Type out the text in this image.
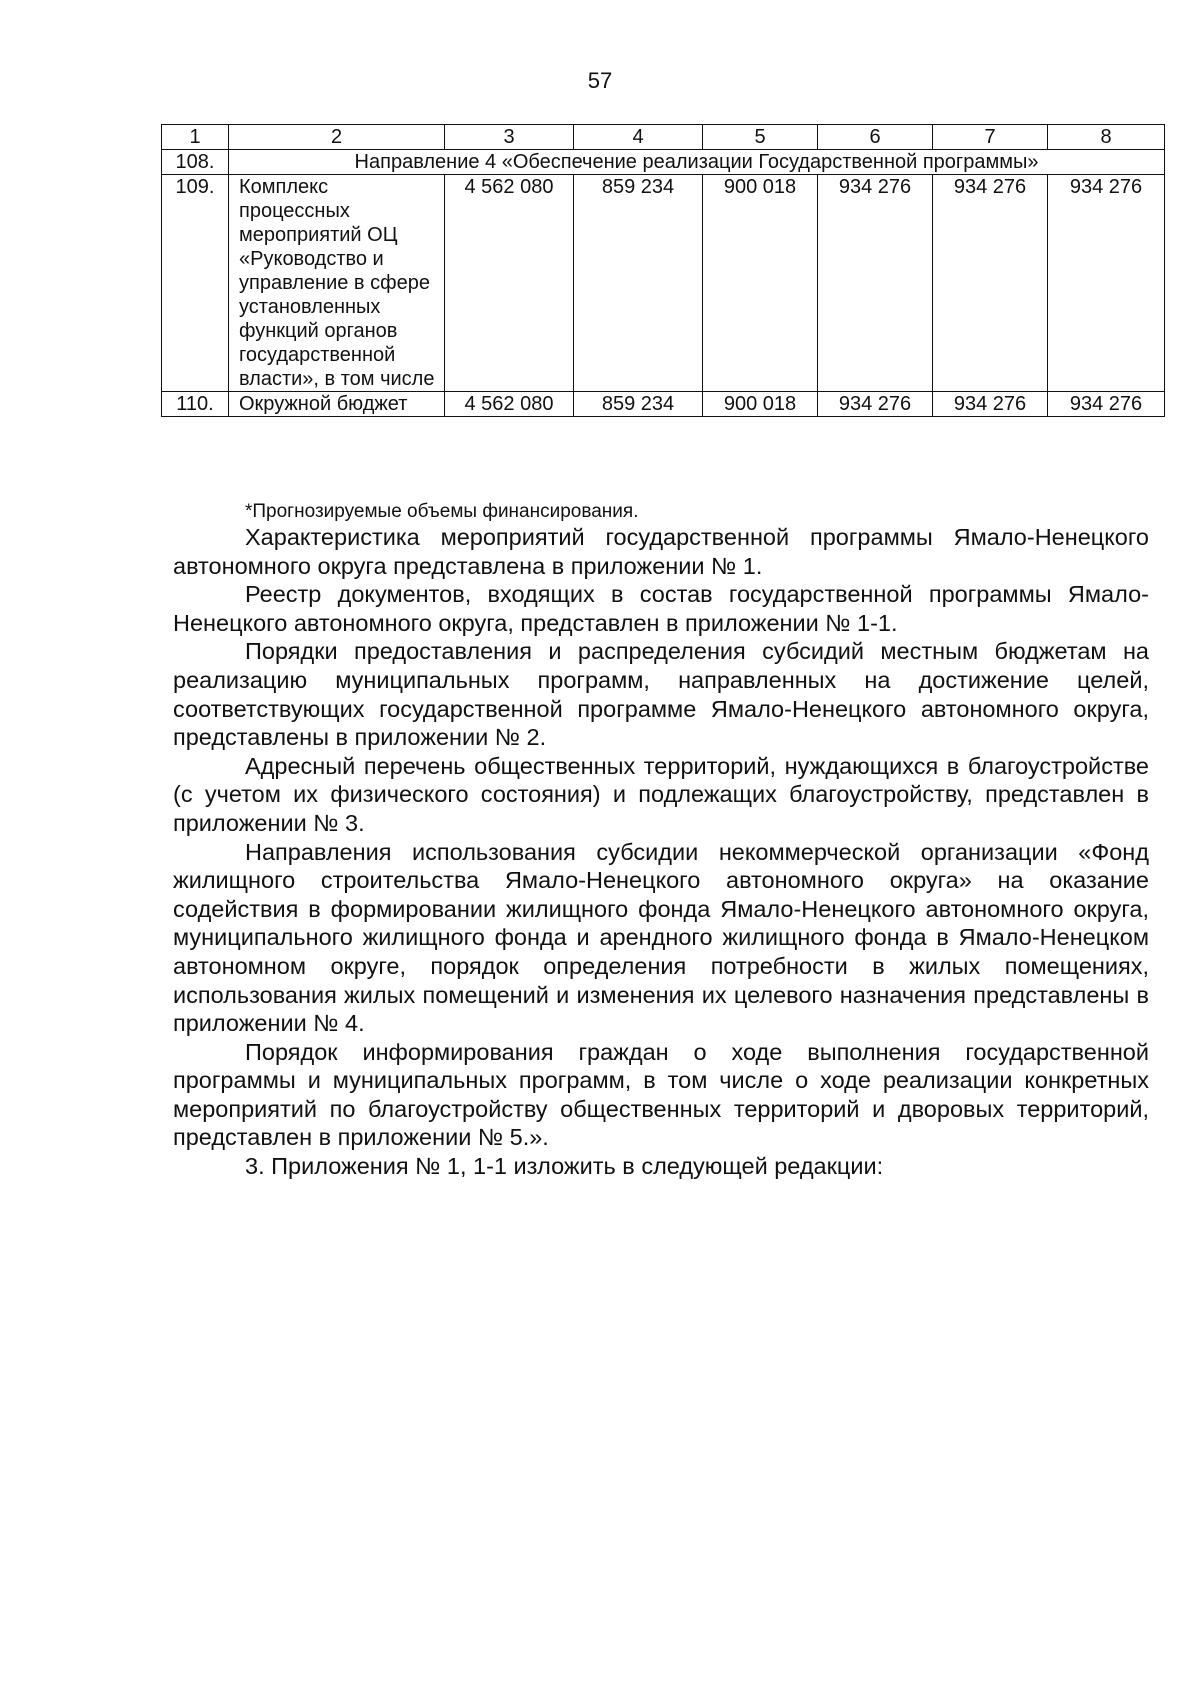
57
1	2	3	4	5	6	7	8
108.	Направление 4 «Обеспечение реализации Государственной программы»						
109.	Комплекс процессных мероприятий ОЦ «Руководство и управление в сфере установленных функций органов государственной власти», в том числе	4 562 080	859 234	900 018	934 276	934 276	934 276
110.	Окружной бюджет	4 562 080	859 234	900 018	934 276	934 276	934 276
*Прогнозируемые объемы финансирования.

Характеристика мероприятий государственной программы Ямало-Ненецкого автономного округа представлена в приложении № 1.

Реестр документов, входящих в состав государственной программы Ямало-Ненецкого автономного округа, представлен в приложении № 1-1.

Порядки предоставления и распределения субсидий местным бюджетам на реализацию муниципальных программ, направленных на достижение целей, соответствующих государственной программе Ямало-Ненецкого автономного округа, представлены в приложении № 2.

Адресный перечень общественных территорий, нуждающихся в благоустройстве (с учетом их физического состояния) и подлежащих благоустройству, представлен в приложении № 3.

Направления использования субсидии некоммерческой организации «Фонд жилищного строительства Ямало-Ненецкого автономного округа» на оказание содействия в формировании жилищного фонда Ямало-Ненецкого автономного округа, муниципального жилищного фонда и арендного жилищного фонда в Ямало-Ненецком автономном округе, порядок определения потребности в жилых помещениях, использования жилых помещений и изменения их целевого назначения представлены в приложении № 4.

Порядок информирования граждан о ходе выполнения государственной программы и муниципальных программ, в том числе о ходе реализации конкретных мероприятий по благоустройству общественных территорий и дворовых территорий, представлен в приложении № 5.».

3. Приложения № 1, 1-1 изложить в следующей редакции:
